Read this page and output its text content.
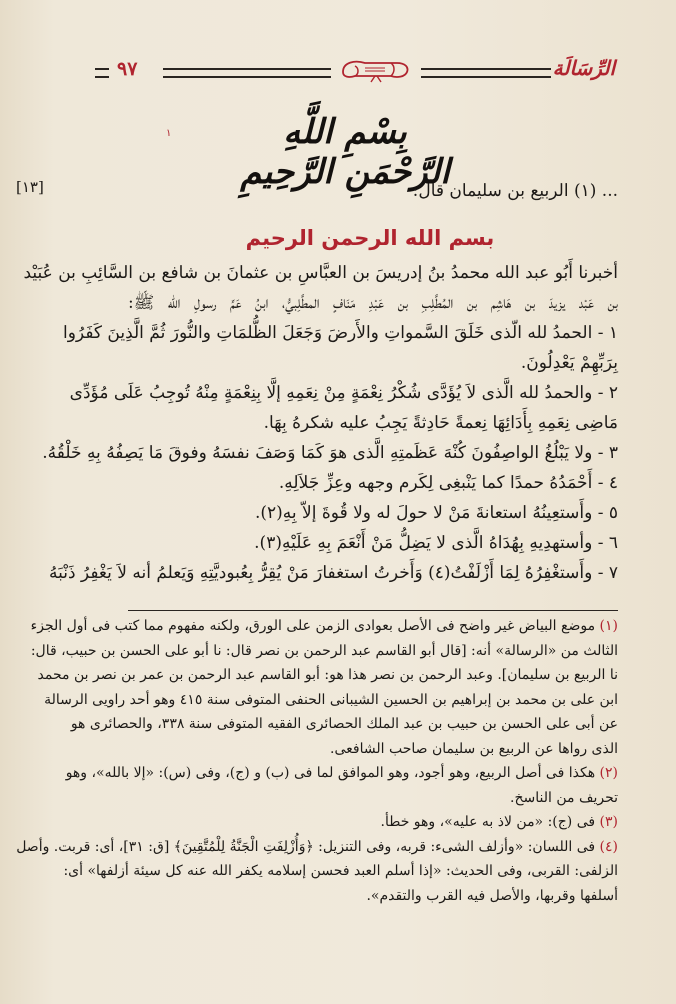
٩٧	الرِّسَالَة
بِسْمِ اللَّهِ الرَّحْمَنِ الرَّحِيمِ
۱
[١٣]	... (١) الربيع بن سليمان قال:
بسم الله الرحمن الرحيم
أخبرنا أَبُو عبد الله محمدُ بنُ إدريسَ بن العبَّاسِ بن عثمانَ بن شافع بن السَّائِبِ بن عُبَيْد
بن عَبْد يزيدَ بن هَاشِم بن المُطَّلِبِ بن عَبْدِ مَنَافٍ المطَّلِبيُّ، ابنُ عَمِّ رسولِ الله ﷺ:
١ - الحمدُ لله الّذى خَلَقَ السَّمواتِ والأَرضَ وَجَعَلَ الظُّلمَاتِ والنُّورَ ثُمَّ الَّذِينَ كَفَرُوا
بِرَبِّهِمْ يَعْدِلُونَ.
٢ - والحمدُ لله الَّذى لاَ يُؤَدَّى شُكْرُ نِعْمَةٍ مِنْ نِعَمِهِ إلَّا بِنِعْمَةٍ مِنْهُ تُوجِبُ عَلَى مُؤَدِّى
مَاضِى نِعَمِهِ بِأَدَائِهَا نِعمةً حَادِثةً يَجِبُ عليه شكرهُ بِهَا.
٣ - ولا يَبْلُغُ الواصِفُونَ كُنْهَ عَظَمتِهِ الَّذى هوَ كَمَا وَصَفَ نفسَهُ وفوقَ مَا يَصِفُهُ بِهِ خَلْقُهُ.
٤ - أَحْمَدُهُ حمدًا كما يَنْبغِى لِكَرم وجهه وعِزِّ جَلاَلِهِ.
٥ - وأَستعِينُهُ استعانةَ مَنْ لا حولَ له ولا قُوةَ إلاّ بِهِ(٢).
٦ - وأستهدِيهِ بِهُدَاهُ الَّذى لا يَضِلُّ مَنْ أَنْعَمَ بِهِ عَلَيْهِ(٣).
٧ - وأَستغْفِرُهُ لِمَا أَزْلَفْتُ(٤) وَأَخرتُ استغفارَ مَنْ يُقِرُّ بِعُبوديَّتِهِ وَيَعلمُ أنه لاَ يَغْفِرُ ذَنْبَهُ
(١) موضع البياض غير واضح فى الأصل بعوادى الزمن على الورق، ولكنه مفهوم مما كتب فى أول الجزء
الثالث من «الرسالة» أنه: [قال أبو القاسم عبد الرحمن بن نصر قال: نا أبو على الحسن بن حبيب، قال:
نا الربيع بن سليمان]. وعبد الرحمن بن نصر هذا هو: أبو القاسم عبد الرحمن بن عمر بن نصر بن محمد
ابن على بن محمد بن إبراهيم بن الحسين الشيبانى الحنفى المتوفى سنة ٤١٥ وهو أحد راويى الرسالة
عن أبى على الحسن بن حبيب بن عبد الملك الحصائرى الفقيه المتوفى سنة ٣٣٨، والحصائرى هو
الذى رواها عن الربيع بن سليمان صاحب الشافعى.
(٢) هكذا فى أصل الربيع، وهو أجود، وهو الموافق لما فى (ب) و (ج)، وفى (س): «إلا بالله»، وهو
تحريف من الناسخ.
(٣) فى (ج): «من لاذ به عليه»، وهو خطأ.
(٤) فى اللسان: «وأزلف الشىء: قربه، وفى التنزيل: ﴿وَأُزْلِفَتِ الْجَنَّةُ لِلْمُتَّقِينَ﴾ [ق: ٣١]، أى: قربت. وأصل
الزلفى: القربى، وفى الحديث: «إذا أسلم العبد فحسن إسلامه يكفر الله عنه كل سيئة أزلفها» أى:
أسلفها وقربها، والأصل فيه القرب والتقدم».
